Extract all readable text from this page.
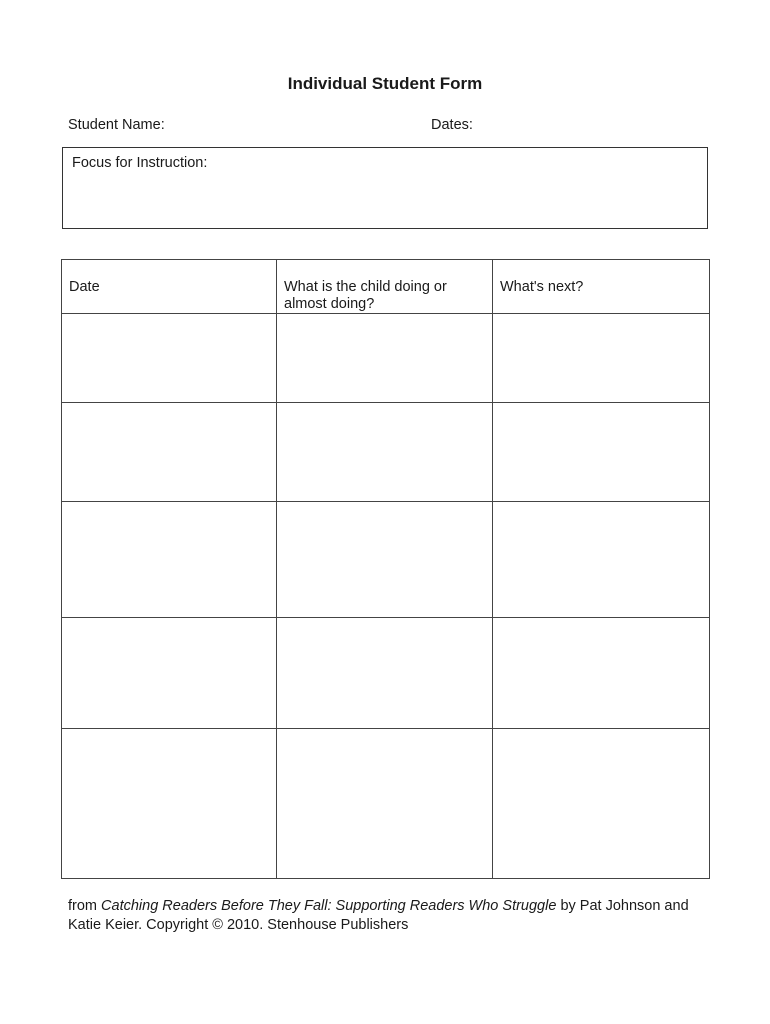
Individual Student Form
Student Name:	Dates:
Focus for Instruction:
Date	What is the child doing or almost doing?	What's next?

from Catching Readers Before They Fall: Supporting Readers Who Struggle by Pat Johnson and Katie Keier. Copyright © 2010. Stenhouse Publishers
